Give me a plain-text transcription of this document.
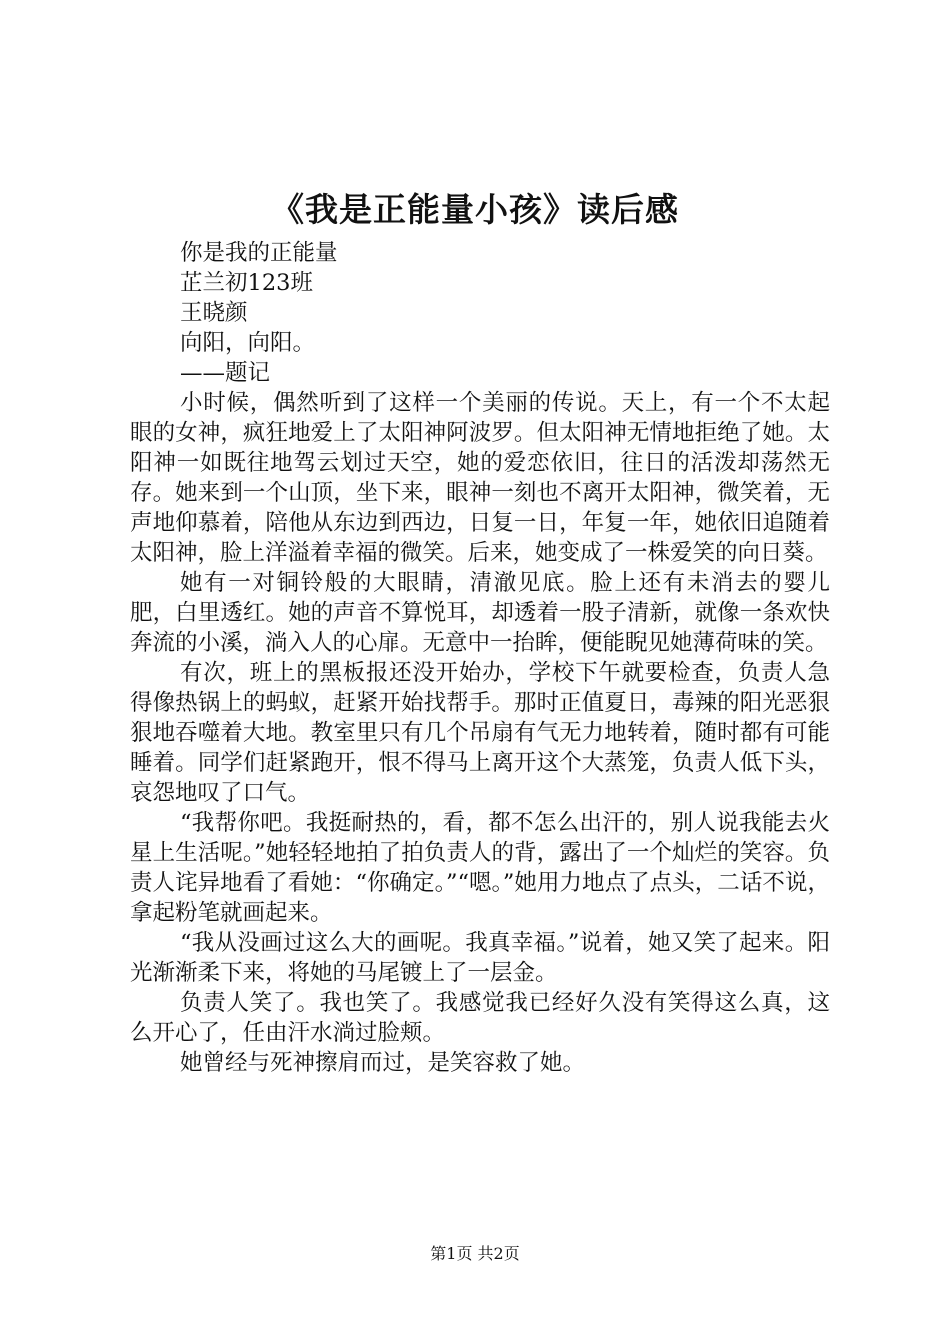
《我是正能量小孩》读后感

你是我的正能量

芷兰初123班

王晓颜

向阳，向阳。

——题记

小时候，偶然听到了这样一个美丽的传说。天上，有一个不太起眼的女神，疯狂地爱上了太阳神阿波罗。但太阳神无情地拒绝了她。太阳神一如既往地驾云划过天空，她的爱恋依旧，往日的活泼却荡然无存。她来到一个山顶，坐下来，眼神一刻也不离开太阳神，微笑着，无声地仰慕着，陪他从东边到西边，日复一日，年复一年，她依旧追随着太阳神，脸上洋溢着幸福的微笑。后来，她变成了一株爱笑的向日葵。

她有一对铜铃般的大眼睛，清澈见底。脸上还有未消去的婴儿肥，白里透红。她的声音不算悦耳，却透着一股子清新，就像一条欢快奔流的小溪，淌入人的心扉。无意中一抬眸，便能睨见她薄荷味的笑。

有次，班上的黑板报还没开始办，学校下午就要检查，负责人急得像热锅上的蚂蚁，赶紧开始找帮手。那时正值夏日，毒辣的阳光恶狠狠地吞噬着大地。教室里只有几个吊扇有气无力地转着，随时都有可能睡着。同学们赶紧跑开，恨不得马上离开这个大蒸笼，负责人低下头，哀怨地叹了口气。

“我帮你吧。我挺耐热的，看，都不怎么出汗的，别人说我能去火星上生活呢。”她轻轻地拍了拍负责人的背，露出了一个灿烂的笑容。负责人诧异地看了看她：“你确定。”“嗯。”她用力地点了点头，二话不说，拿起粉笔就画起来。

“我从没画过这么大的画呢。我真幸福。”说着，她又笑了起来。阳光渐渐柔下来，将她的马尾镀上了一层金。

负责人笑了。我也笑了。我感觉我已经好久没有笑得这么真，这么开心了，任由汗水淌过脸颊。

她曾经与死神擦肩而过，是笑容救了她。

第1页 共2页
